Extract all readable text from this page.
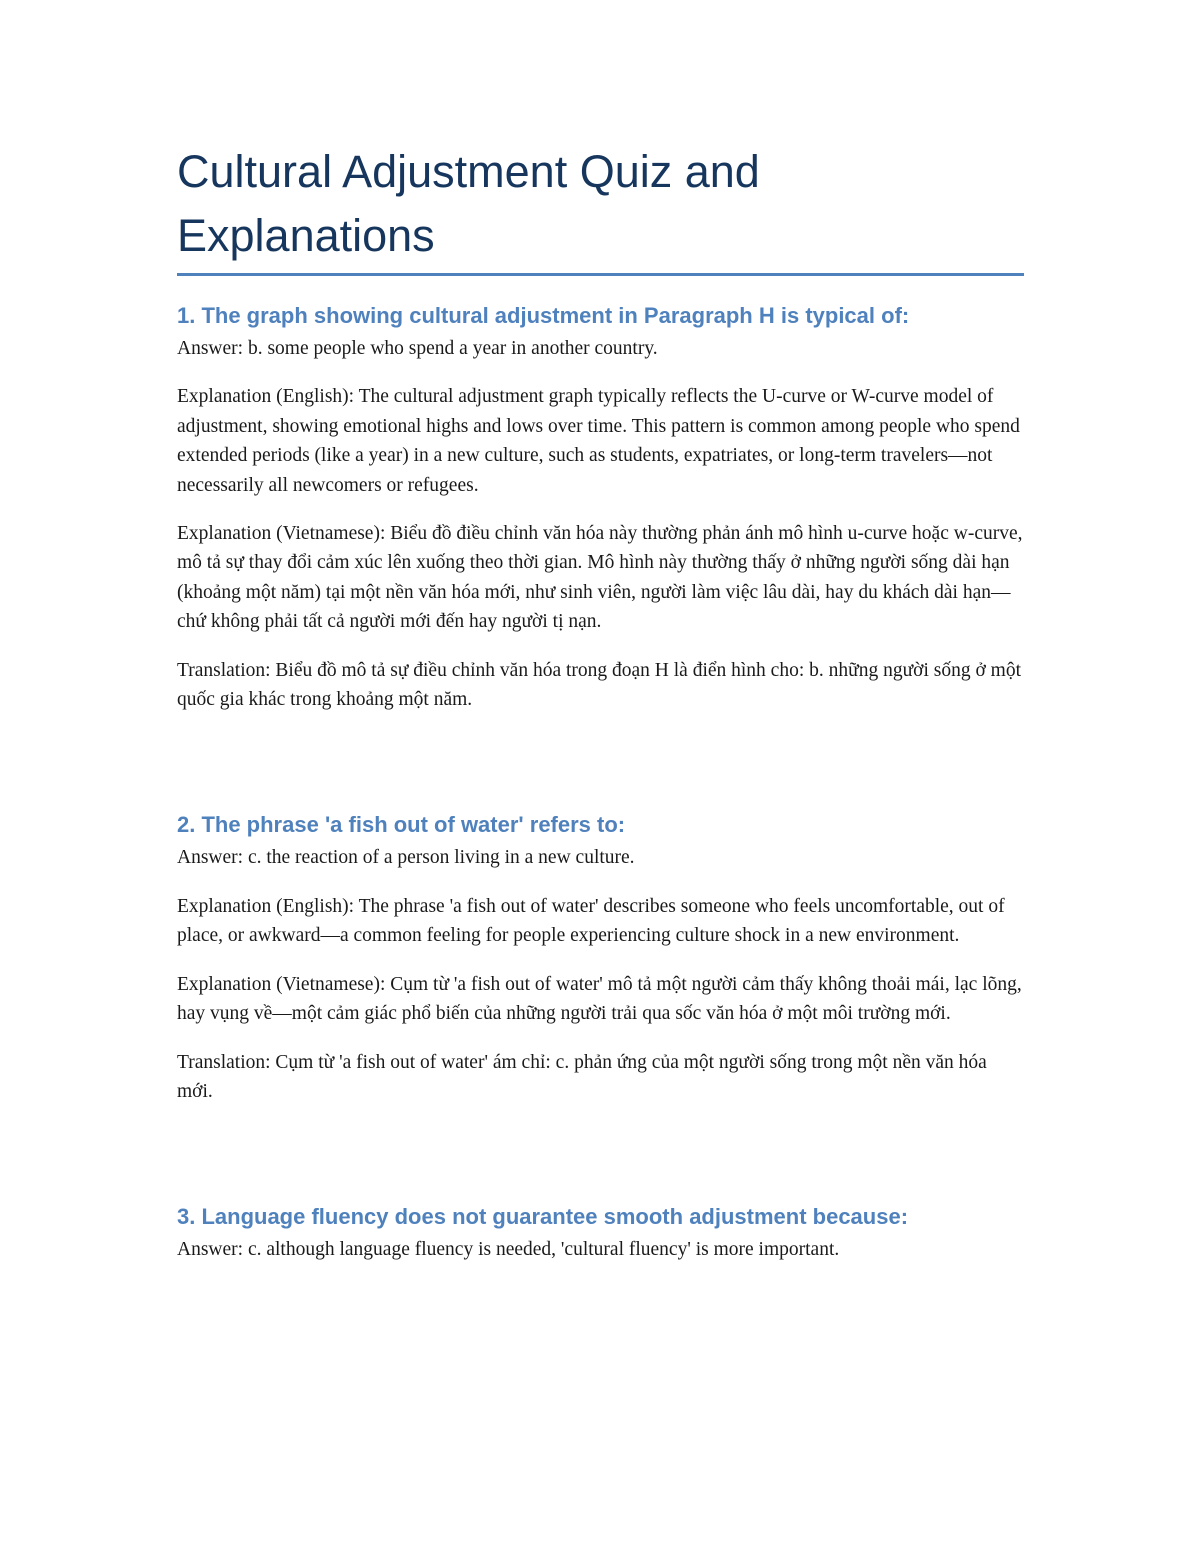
Cultural Adjustment Quiz and Explanations

1. The graph showing cultural adjustment in Paragraph H is typical of:

Answer: b. some people who spend a year in another country.

Explanation (English): The cultural adjustment graph typically reflects the U-curve or W-curve model of adjustment, showing emotional highs and lows over time. This pattern is common among people who spend extended periods (like a year) in a new culture, such as students, expatriates, or long-term travelers—not necessarily all newcomers or refugees.

Explanation (Vietnamese): Biểu đồ điều chỉnh văn hóa này thường phản ánh mô hình u-curve hoặc w-curve, mô tả sự thay đổi cảm xúc lên xuống theo thời gian. Mô hình này thường thấy ở những người sống dài hạn (khoảng một năm) tại một nền văn hóa mới, như sinh viên, người làm việc lâu dài, hay du khách dài hạn—chứ không phải tất cả người mới đến hay người tị nạn.

Translation: Biểu đồ mô tả sự điều chỉnh văn hóa trong đoạn H là điển hình cho: b. những người sống ở một quốc gia khác trong khoảng một năm.

2. The phrase 'a fish out of water' refers to:

Answer: c. the reaction of a person living in a new culture.

Explanation (English): The phrase 'a fish out of water' describes someone who feels uncomfortable, out of place, or awkward—a common feeling for people experiencing culture shock in a new environment.

Explanation (Vietnamese): Cụm từ 'a fish out of water' mô tả một người cảm thấy không thoải mái, lạc lõng, hay vụng về—một cảm giác phổ biến của những người trải qua sốc văn hóa ở một môi trường mới.

Translation: Cụm từ 'a fish out of water' ám chỉ: c. phản ứng của một người sống trong một nền văn hóa mới.

3. Language fluency does not guarantee smooth adjustment because:

Answer: c. although language fluency is needed, 'cultural fluency' is more important.
